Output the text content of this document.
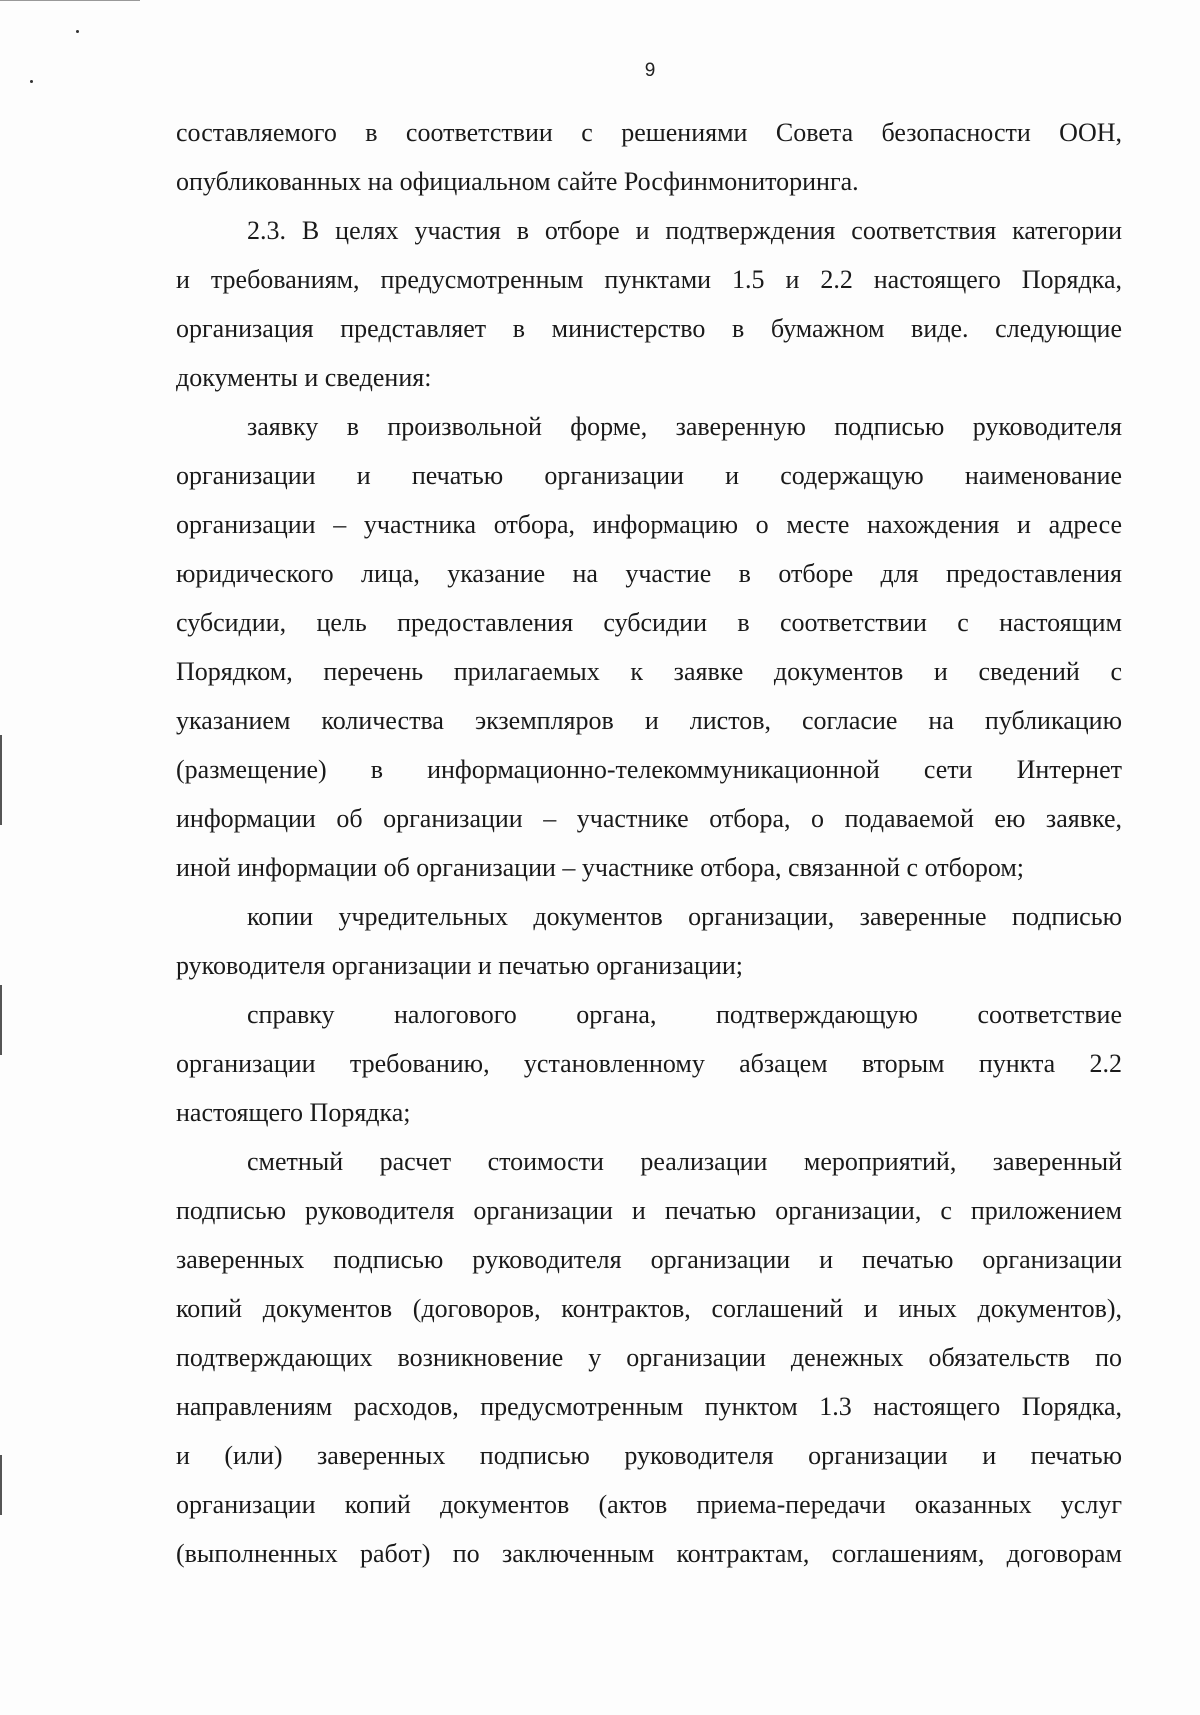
9
составляемого в соответствии с решениями Совета безопасности ООН,
опубликованных на официальном сайте Росфинмониторинга.
2.3. В целях участия в отборе и подтверждения соответствия категории
и требованиям, предусмотренным пунктами 1.5 и 2.2 настоящего Порядка,
организация представляет в министерство в бумажном виде. следующие
документы и сведения:
заявку в произвольной форме, заверенную подписью руководителя
организации и печатью организации и содержащую наименование
организации – участника отбора, информацию о месте нахождения и адресе
юридического лица, указание на участие в отборе для предоставления
субсидии, цель предоставления субсидии в соответствии с настоящим
Порядком, перечень прилагаемых к заявке документов и сведений с
указанием количества экземпляров и листов, согласие на публикацию
(размещение) в информационно-телекоммуникационной сети Интернет
информации об организации – участнике отбора, о подаваемой ею заявке,
иной информации об организации – участнике отбора, связанной с отбором;
копии учредительных документов организации, заверенные подписью
руководителя организации и печатью организации;
справку налогового органа, подтверждающую соответствие
организации требованию, установленному абзацем вторым пункта 2.2
настоящего Порядка;
сметный расчет стоимости реализации мероприятий, заверенный
подписью руководителя организации и печатью организации, с приложением
заверенных подписью руководителя организации и печатью организации
копий документов (договоров, контрактов, соглашений и иных документов),
подтверждающих возникновение у организации денежных обязательств по
направлениям расходов, предусмотренным пунктом 1.3 настоящего Порядка,
и (или) заверенных подписью руководителя организации и печатью
организации копий документов (актов приема-передачи оказанных услуг
(выполненных работ) по заключенным контрактам, соглашениям, договорам
